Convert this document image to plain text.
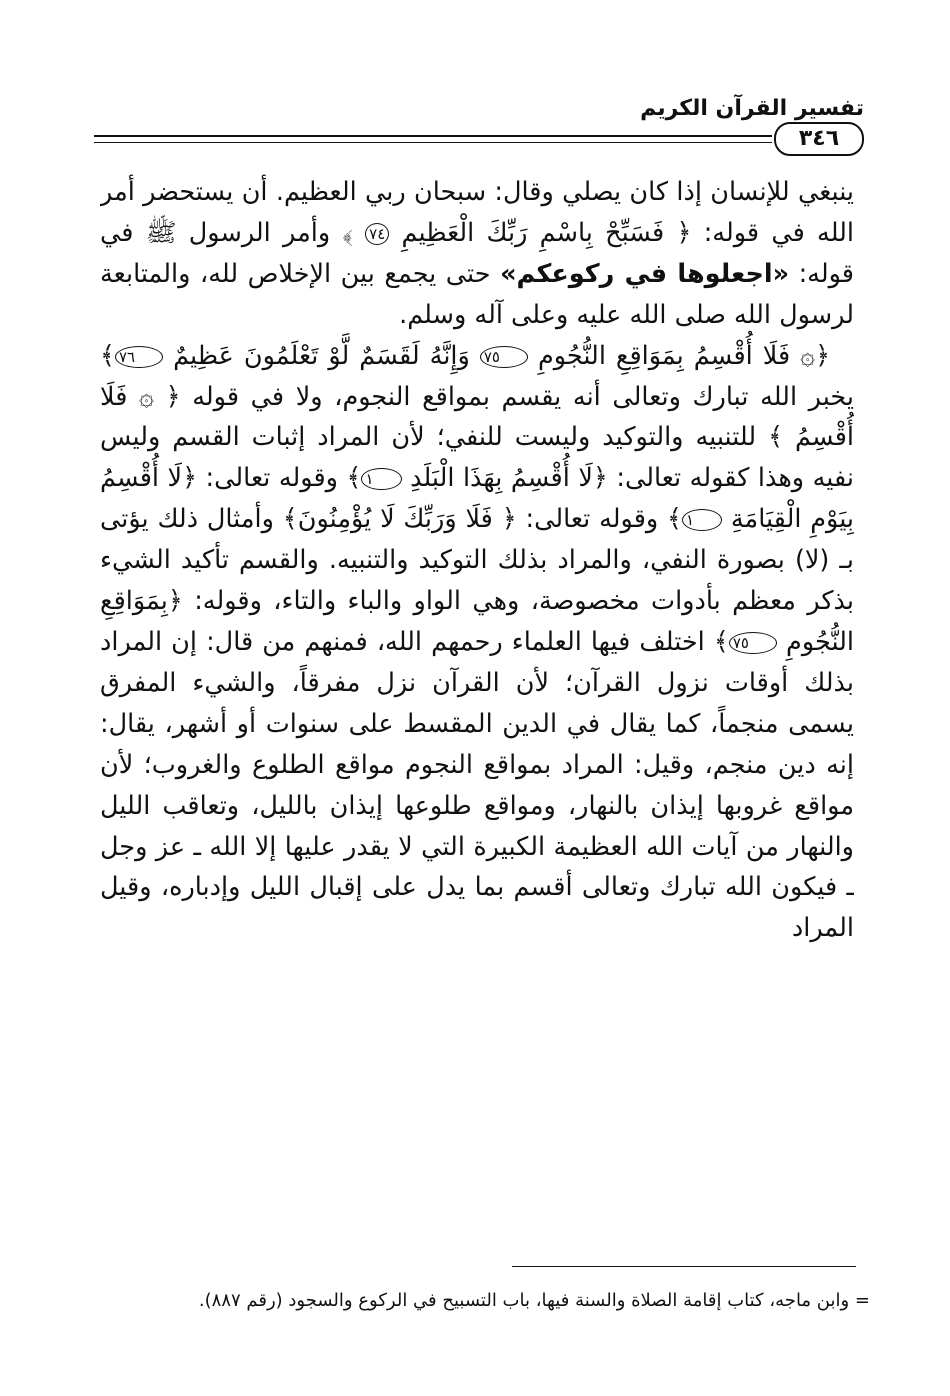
تفسير القرآن الكريم
٣٤٦

ينبغي للإنسان إذا كان يصلي وقال: سبحان ربي العظيم. أن يستحضر أمر الله في قوله: ﴿ فَسَبِّحْ بِاسْمِ رَبِّكَ الْعَظِيمِ ٧٤ ﴾ وأمر الرسول ﷺ في قوله: «اجعلوها في ركوعكم» حتى يجمع بين الإخلاص لله، والمتابعة لرسول الله صلى الله عليه وعلى آله وسلم.

﴿۞ فَلَا أُقْسِمُ بِمَوَاقِعِ النُّجُومِ ٧٥ وَإِنَّهُ لَقَسَمٌ لَّوْ تَعْلَمُونَ عَظِيمٌ ٧٦﴾ يخبر الله تبارك وتعالى أنه يقسم بمواقع النجوم، ولا في قوله ﴿ ۞ فَلَا أُقْسِمُ ﴾ للتنبيه والتوكيد وليست للنفي؛ لأن المراد إثبات القسم وليس نفيه وهذا كقوله تعالى: ﴿لَا أُقْسِمُ بِهَذَا الْبَلَدِ ١﴾ وقوله تعالى: ﴿لَا أُقْسِمُ بِيَوْمِ الْقِيَامَةِ ١﴾ وقوله تعالى: ﴿ فَلَا وَرَبِّكَ لَا يُؤْمِنُونَ﴾ وأمثال ذلك يؤتى بـ (لا) بصورة النفي، والمراد بذلك التوكيد والتنبيه. والقسم تأكيد الشيء بذكر معظم بأدوات مخصوصة، وهي الواو والباء والتاء، وقوله: ﴿بِمَوَاقِعِ النُّجُومِ ٧٥﴾ اختلف فيها العلماء رحمهم الله، فمنهم من قال: إن المراد بذلك أوقات نزول القرآن؛ لأن القرآن نزل مفرقاً، والشيء المفرق يسمى منجماً، كما يقال في الدين المقسط على سنوات أو أشهر، يقال: إنه دين منجم، وقيل: المراد بمواقع النجوم مواقع الطلوع والغروب؛ لأن مواقع غروبها إيذان بالنهار، ومواقع طلوعها إيذان بالليل، وتعاقب الليل والنهار من آيات الله العظيمة الكبيرة التي لا يقدر عليها إلا الله ـ عز وجل ـ فيكون الله تبارك وتعالى أقسم بما يدل على إقبال الليل وإدباره، وقيل المراد

= وابن ماجه، كتاب إقامة الصلاة والسنة فيها، باب التسبيح في الركوع والسجود (رقم ٨٨٧).
